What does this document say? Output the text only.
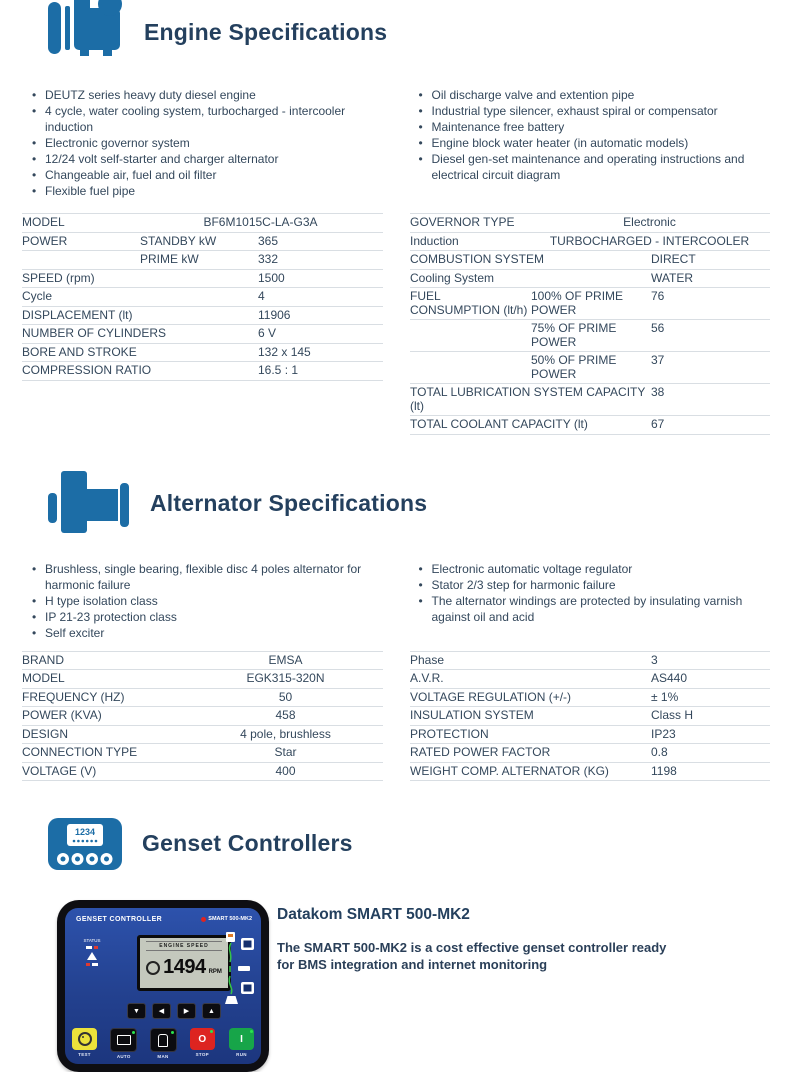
Engine Specifications
• DEUTZ series heavy duty diesel engine
• 4 cycle, water cooling system, turbocharged - intercooler induction
• Electronic governor system
• 12/24 volt self-starter and charger alternator
• Changeable air, fuel and oil filter
• Flexible fuel pipe
• Oil discharge valve and extention pipe
• Industrial type silencer, exhaust spiral or compensator
• Maintenance free battery
• Engine block water heater (in automatic models)
• Diesel gen-set maintenance and operating instructions and electrical circuit diagram
MODEL	BF6M1015C-LA-G3A	
POWER	STANDBY kW	365
	PRIME kW	332
SPEED (rpm)		1500
Cycle		4
DISPLACEMENT (lt)		11906
NUMBER OF CYLINDERS		6 V
BORE AND STROKE		132 x 145
COMPRESSION RATIO		16.5 : 1
GOVERNOR TYPE	Electronic	
Induction	TURBOCHARGED - INTERCOOLER	
COMBUSTION SYSTEM		DIRECT
Cooling System		WATER
FUEL CONSUMPTION (lt/h)	100% OF PRIME POWER	76
	75% OF PRIME POWER	56
	50% OF PRIME POWER	37
TOTAL LUBRICATION SYSTEM CAPACITY (lt)		38
TOTAL COOLANT CAPACITY (lt)		67
Alternator Specifications
• Brushless, single bearing, flexible disc 4 poles alternator for harmonic failure
• H type isolation class
• IP 21-23 protection class
• Self exciter
• Electronic automatic voltage regulator
• Stator 2/3 step for harmonic failure
• The alternator windings are protected by insulating varnish against oil and acid
BRAND	EMSA
MODEL	EGK315-320N
FREQUENCY (HZ)	50
POWER (KVA)	458
DESIGN	4 pole, brushless
CONNECTION TYPE	Star
VOLTAGE (V)	400
Phase	3
A.V.R.	AS440
VOLTAGE REGULATION (+/-)	± 1%
INSULATION SYSTEM	Class H
PROTECTION	IP23
RATED POWER FACTOR	0.8
WEIGHT COMP. ALTERNATOR (KG)	1198
1234 Genset Controllers
GENSET CONTROLLER	SMART 500-MK2
STATUS
ENGINE SPEED
1494 RPM
▼	◀	▶	▲
TEST	AUTO	MAN
O
STOP
I
RUN
Datakom SMART 500-MK2

The SMART 500-MK2 is a cost effective genset controller ready for BMS integration and internet monitoring
